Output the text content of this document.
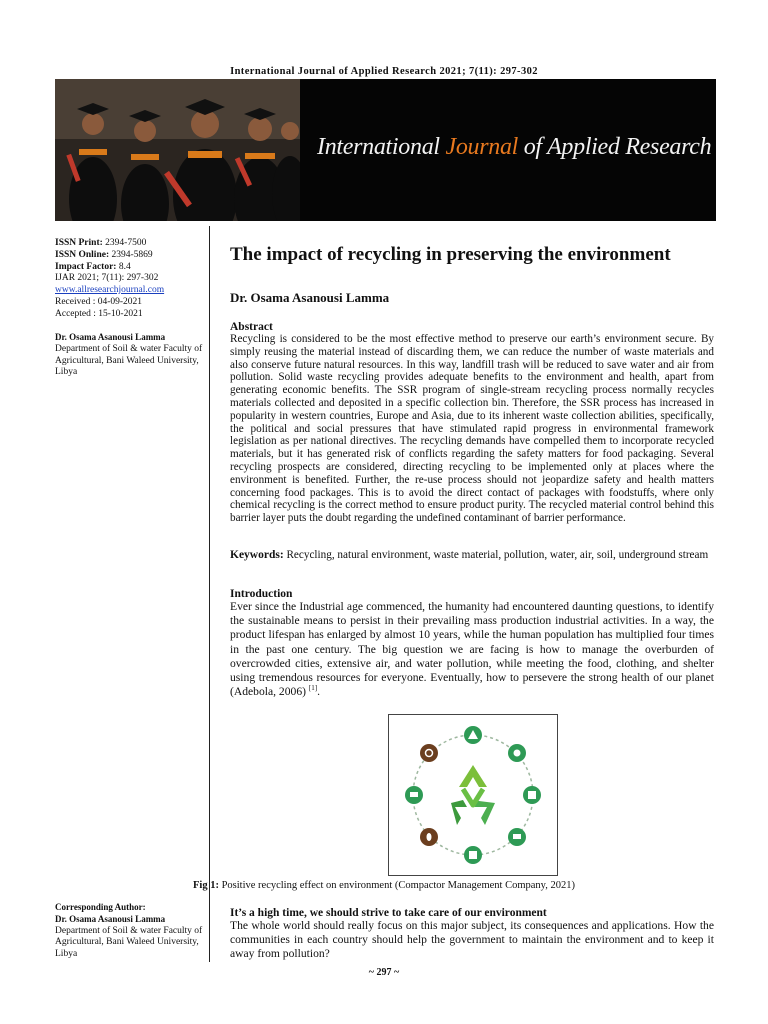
International Journal of Applied Research 2021; 7(11): 297-302
International Journal of Applied Research
ISSN Print: 2394-7500
ISSN Online: 2394-5869
Impact Factor: 8.4
IJAR 2021; 7(11): 297-302
www.allresearchjournal.com
Received : 04-09-2021
Accepted : 15-10-2021
Dr. Osama Asanousi Lamma
Department of Soil & water Faculty of Agricultural, Bani Waleed University, Libya
Corresponding Author:
Dr. Osama Asanousi Lamma
Department of Soil & water Faculty of Agricultural, Bani Waleed University, Libya
The impact of recycling in preserving the environment
Dr. Osama Asanousi Lamma
Abstract
Recycling is considered to be the most effective method to preserve our earth’s environment secure. By simply reusing the material instead of discarding them, we can reduce the number of waste materials and also conserve future natural resources. In this way, landfill trash will be reduced to save water and air from pollution. Solid waste recycling provides adequate benefits to the environment and health, apart from generating economic benefits. The SSR program of single-stream recycling process normally recycles materials collected and deposited in a specific collection bin. Therefore, the SSR process has increased in popularity in western countries, Europe and Asia, due to its inherent waste collection abilities, specifically, the political and social pressures that have stimulated rapid progress in environmental framework legislation as per national directives. The recycling demands have compelled them to incorporate recycled materials, but it has generated risk of conflicts regarding the safety matters for food packaging. Several recycling prospects are considered, directing recycling to be implemented only at places where the environment is benefited. Further, the re-use process should not jeopardize safety and health matters concerning food packages. This is to avoid the direct contact of packages with foodstuffs, where only chemical recycling is the correct method to ensure product purity. The recycled material control behind this barrier layer puts the doubt regarding the undefined contaminant of barrier performance.
Keywords: Recycling, natural environment, waste material, pollution, water, air, soil, underground stream
Introduction
Ever since the Industrial age commenced, the humanity had encountered daunting questions, to identify the sustainable means to persist in their prevailing mass production industrial activities. In a way, the product lifespan has enlarged by almost 10 years, while the human population has multiplied four times in the past one century. The big question we are facing is how to manage the overburden of overcrowded cities, extensive air, and water pollution, while meeting the food, clothing, and shelter using tremendous resources for everyone. Eventually, how to persevere the strong health of our planet (Adebola, 2006) [1].
Fig 1: Positive recycling effect on environment (Compactor Management Company, 2021)
It’s a high time, we should strive to take care of our environment
The whole world should really focus on this major subject, its consequences and applications. How the communities in each country should help the government to maintain the environment and to keep it away from pollution?
~ 297 ~
